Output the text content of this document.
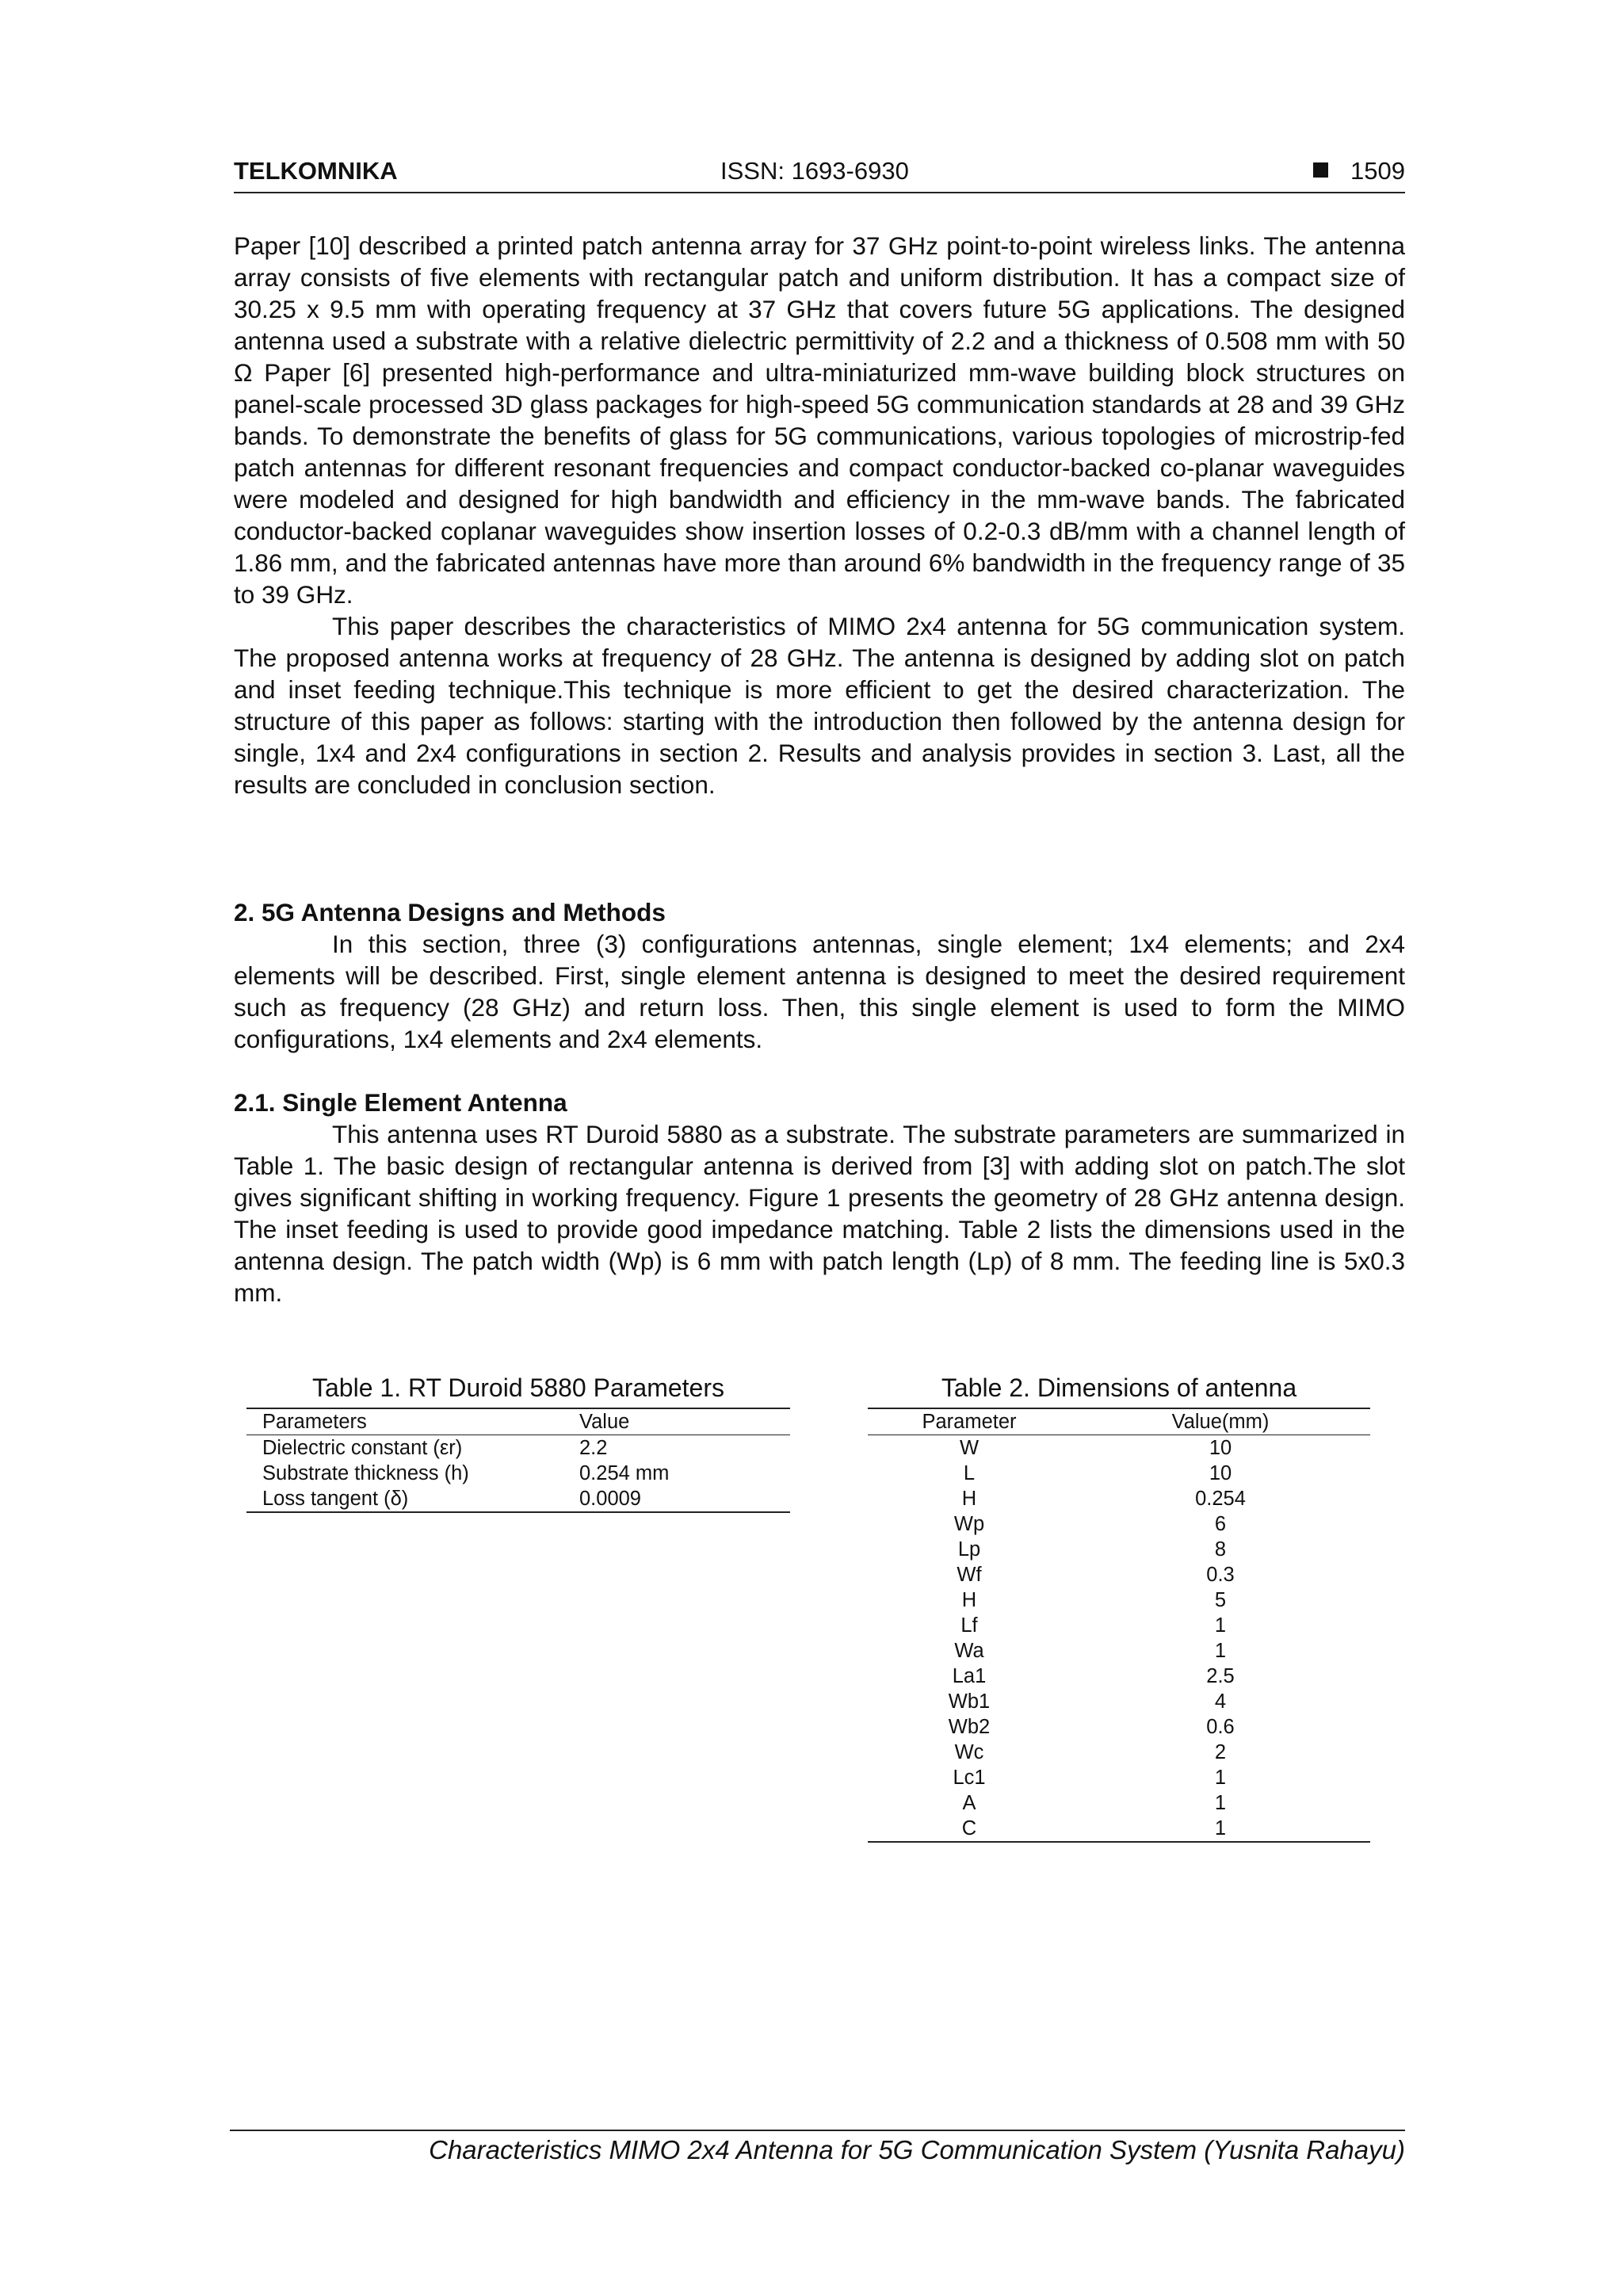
TELKOMNIKA	ISSN: 1693-6930	1509

Paper [10] described a printed patch antenna array for 37 GHz point-to-point wireless links. The antenna array consists of five elements with rectangular patch and uniform distribution. It has a compact size of 30.25 x 9.5 mm with operating frequency at 37 GHz that covers future 5G applications. The designed antenna used a substrate with a relative dielectric permittivity of 2.2 and a thickness of 0.508 mm with 50 Ω Paper [6] presented high-performance and ultra-miniaturized mm-wave building block structures on panel-scale processed 3D glass packages for high-speed 5G communication standards at 28 and 39 GHz bands. To demonstrate the benefits of glass for 5G communications, various topologies of microstrip-fed patch antennas for different resonant frequencies and compact conductor-backed co-planar waveguides were modeled and designed for high bandwidth and efficiency in the mm-wave bands. The fabricated conductor-backed coplanar waveguides show insertion losses of 0.2-0.3 dB/mm with a channel length of 1.86 mm, and the fabricated antennas have more than around 6% bandwidth in the frequency range of 35 to 39 GHz.

This paper describes the characteristics of MIMO 2x4 antenna for 5G communication system. The proposed antenna works at frequency of 28 GHz. The antenna is designed by adding slot on patch and inset feeding technique.This technique is more efficient to get the desired characterization. The structure of this paper as follows: starting with the introduction then followed by the antenna design for single, 1x4 and 2x4 configurations in section 2. Results and analysis provides in section 3. Last, all the results are concluded in conclusion section.

2. 5G Antenna Designs and Methods

In this section, three (3) configurations antennas, single element; 1x4 elements; and 2x4 elements will be described. First, single element antenna is designed to meet the desired requirement such as frequency (28 GHz) and return loss. Then, this single element is used to form the MIMO configurations, 1x4 elements and 2x4 elements.

2.1. Single Element Antenna

This antenna uses RT Duroid 5880 as a substrate. The substrate parameters are summarized in Table 1. The basic design of rectangular antenna is derived from [3] with adding slot on patch.The slot gives significant shifting in working frequency. Figure 1 presents the geometry of 28 GHz antenna design. The inset feeding is used to provide good impedance matching. Table 2 lists the dimensions used in the antenna design. The patch width (Wp) is 6 mm with patch length (Lp) of 8 mm. The feeding line is 5x0.3 mm.

Table 1. RT Duroid 5880 Parameters
Parameters	Value
Dielectric constant (εr)	2.2
Substrate thickness (h)	0.254 mm
Loss tangent (δ)	0.0009
Table 2. Dimensions of antenna
Parameter	Value(mm)
W	10
L	10
H	0.254
Wp	6
Lp	8
Wf	0.3
H	5
Lf	1
Wa	1
La1	2.5
Wb1	4
Wb2	0.6
Wc	2
Lc1	1
A	1
C	1
Characteristics MIMO 2x4 Antenna for 5G Communication System (Yusnita Rahayu)
